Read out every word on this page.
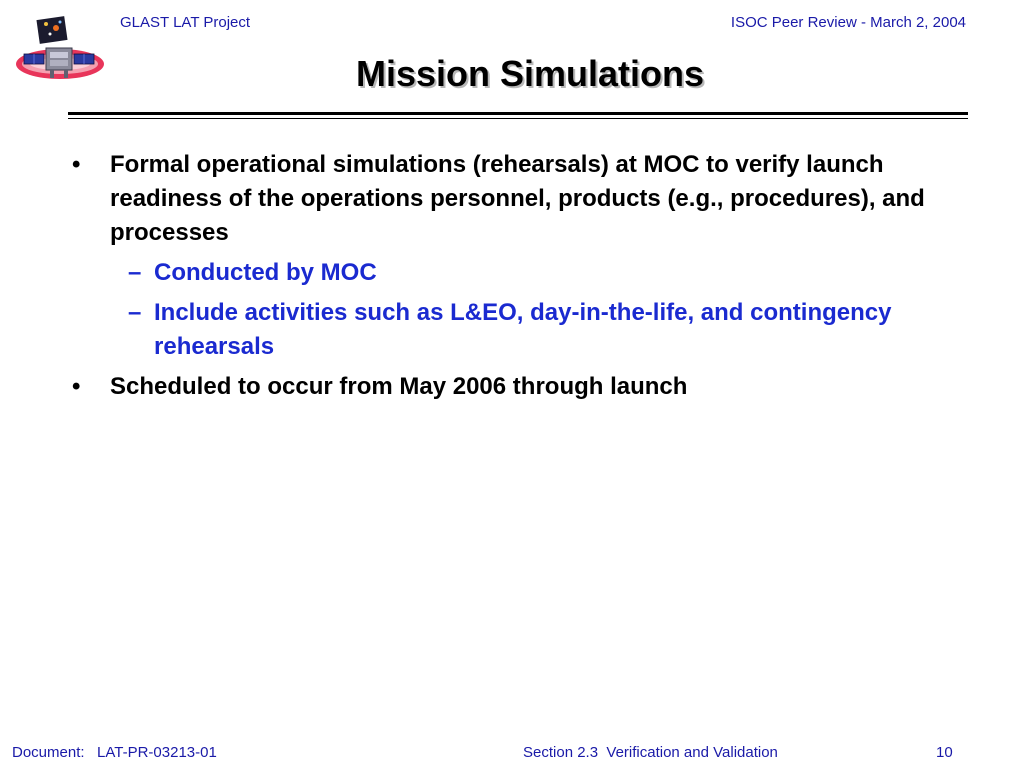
GLAST LAT Project	ISOC Peer Review - March 2, 2004
Mission Simulations
• Formal operational simulations (rehearsals) at MOC to verify launch readiness of the operations personnel, products (e.g., procedures), and processes
– Conducted by MOC
– Include activities such as L&EO, day-in-the-life, and contingency rehearsals
• Scheduled to occur from May 2006 through launch
Document:   LAT-PR-03213-01	Section 2.3  Verification and Validation	10
